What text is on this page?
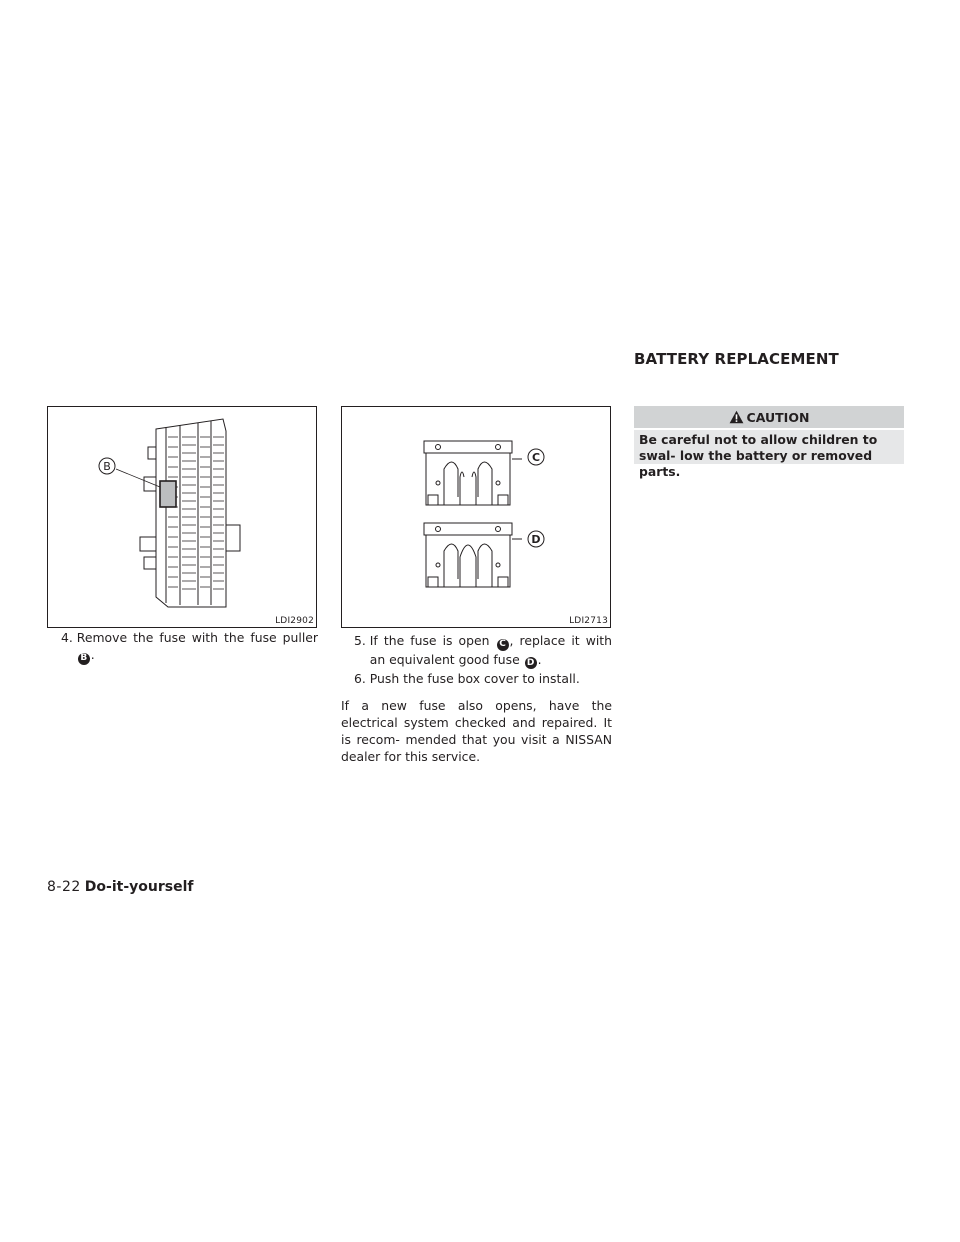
BATTERY REPLACEMENT
B
LDI2902
C
D
LDI2713
4.
Remove the fuse with the fuse puller B .
5.
If the fuse is open C , replace it with an equivalent good fuse D .
6.
Push the fuse box cover to install.

If a new fuse also opens, have the electrical system checked and repaired. It is recom- mended that you visit a NISSAN dealer for this service.

CAUTION

Be careful not to allow children to swal- low the battery or removed parts.

8-22 Do-it-yourself
